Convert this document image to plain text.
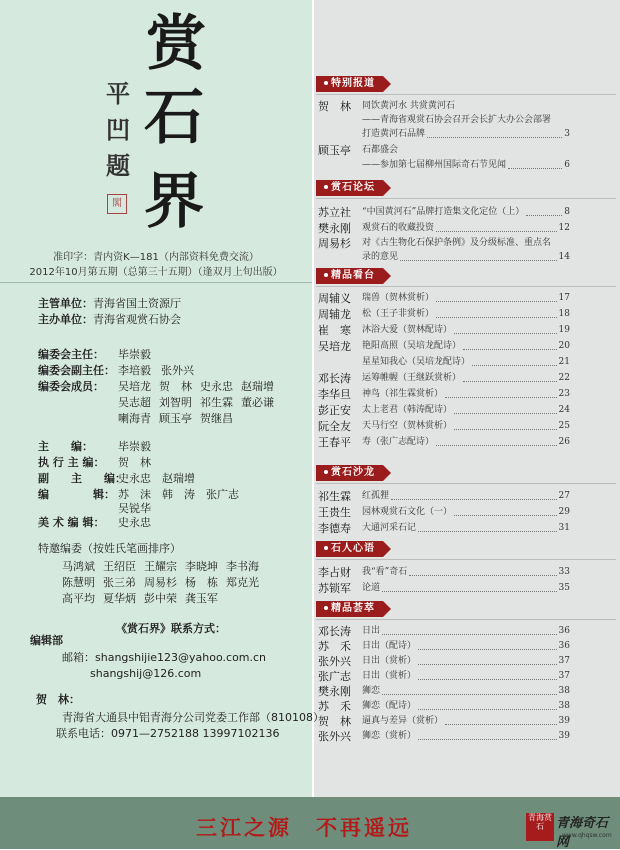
赏
石
界
平
凹
题
閣
准印字：青内资K—181（内部资料免费交流）
2012年10月第五期（总第三十五期）（逢双月上旬出版）
主管单位：青海省国土资源厅
主办单位：青海省观赏石协会
编委会主任： 毕崇毅
编委会副主任： 李培毅 张外兴
编委会成员： 吴培龙 贺　林 史永忠 赵瑞增
吴志超 刘智明 祁生霖 董必谦
喇海青 顾玉亭 贺继昌
主　　编： 毕崇毅
执 行 主 编： 贺　林
副　　主　　编：史永忠　赵瑞增
编　　　　辑： 苏　沫　韩　涛　张广志
吴锐华
美 术 编 辑： 史永忠
特邀编委（按姓氏笔画排序）
马鸿斌 王绍臣 王耀宗 李晓坤 李书海
陈慧明 张三弟 周易杉 杨　栋 郑克光
高平均 夏华炳 彭中荣 龚玉军
《赏石界》联系方式：
编辑部
邮箱：shangshijie123@yahoo.com.cn
shangshij@126.com
贺　林：
青海省大通县中铝青海分公司党委工作部（810108）
联系电话：0971—2752188 13997102136
特别报道
贺　林	同饮黄河水 共赏黄河石
——青海省观赏石协会召开会长扩大办公会部署
打造黄河石品牌	3
顾玉亭	石都盛会
——参加第七届柳州国际奇石节见闻	6
赏石论坛
苏立社	“中国黄河石”品牌打造集文化定位（上）	8
樊永刚	观赏石的收藏投资	12
周易杉	对《古生物化石保护条例》及分级标准、重点名
录的意见	14
精品看台
周辅义	瑞兽（贺林赏析）	17
周辅龙	松（王子非赏析）	18
崔　寒	沐浴大爱（贺林配诗）	19
吴培龙	艳阳高照（吴培龙配诗）	20
星星知我心（吴培龙配诗）	21
邓长涛	运筹帷幄（王继跃赏析）	22
李华旦	神鸟（祁生霖赏析）	23
彭正安	太上老君（韩涛配诗）	24
阮全友	天马行空（贺林赏析）	25
王春平	寿（张广志配诗）	26
赏石沙龙
祁生霖	红孤狸	27
王贵生	园林观赏石文化（一）	29
李德寿	大通河采石记	31
石人心语
李占财	我“看”奇石	33
苏锁军	论道	35
精品荟萃
邓长涛	日出	36
苏　禾	日出（配诗）	36
张外兴	日出（赏析）	37
张广志	日出（赏析）	37
樊永刚	狮恋	38
苏　禾	狮恋（配诗）	38
贺　林	逼真与差异（赏析）	39
张外兴	狮恋（赏析）	39
三江之源　不再遥远	青海赏石 青海奇石网
www.qhqsw.com
